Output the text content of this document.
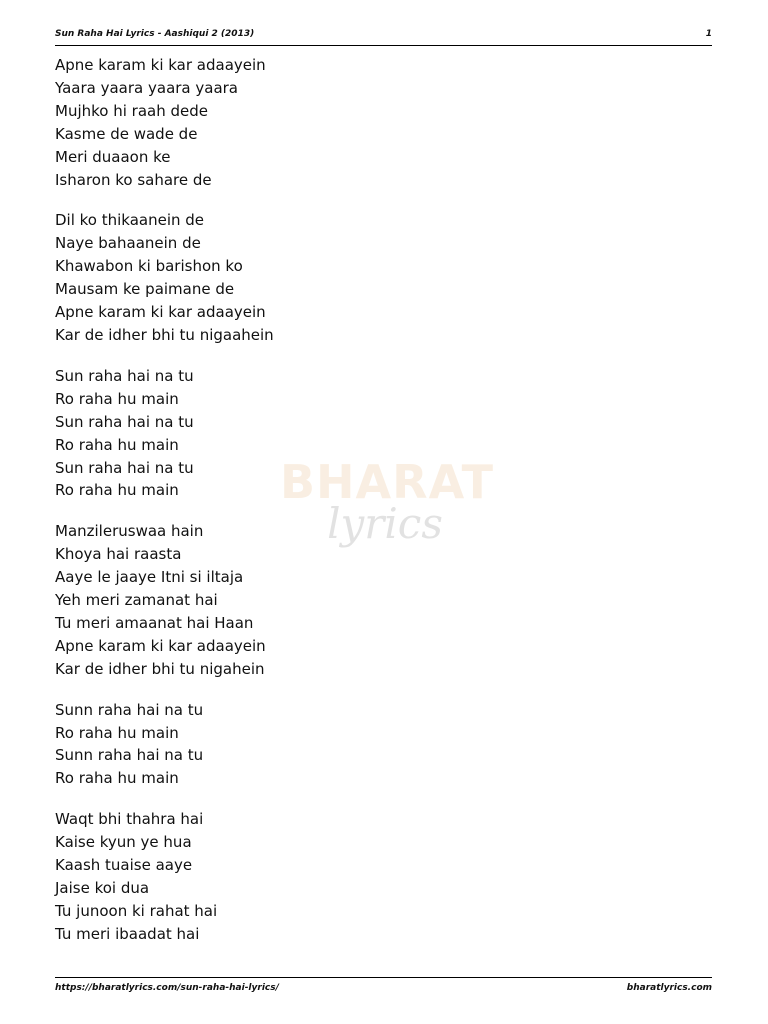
Sun Raha Hai Lyrics - Aashiqui 2 (2013)	1
BHARAT
lyrics
Apne karam ki kar adaayein
Yaara yaara yaara yaara
Mujhko hi raah dede
Kasme de wade de
Meri duaaon ke
Isharon ko sahare de
Dil ko thikaanein de
Naye bahaanein de
Khawabon ki barishon ko
Mausam ke paimane de
Apne karam ki kar adaayein
Kar de idher bhi tu nigaahein
Sun raha hai na tu
Ro raha hu main
Sun raha hai na tu
Ro raha hu main
Sun raha hai na tu
Ro raha hu main
Manzileruswaa hain
Khoya hai raasta
Aaye le jaaye Itni si iltaja
Yeh meri zamanat hai
Tu meri amaanat hai Haan
Apne karam ki kar adaayein
Kar de idher bhi tu nigahein
Sunn raha hai na tu
Ro raha hu main
Sunn raha hai na tu
Ro raha hu main
Waqt bhi thahra hai
Kaise kyun ye hua
Kaash tuaise aaye
Jaise koi dua
Tu junoon ki rahat hai
Tu meri ibaadat hai
https://bharatlyrics.com/sun-raha-hai-lyrics/	bharatlyrics.com
